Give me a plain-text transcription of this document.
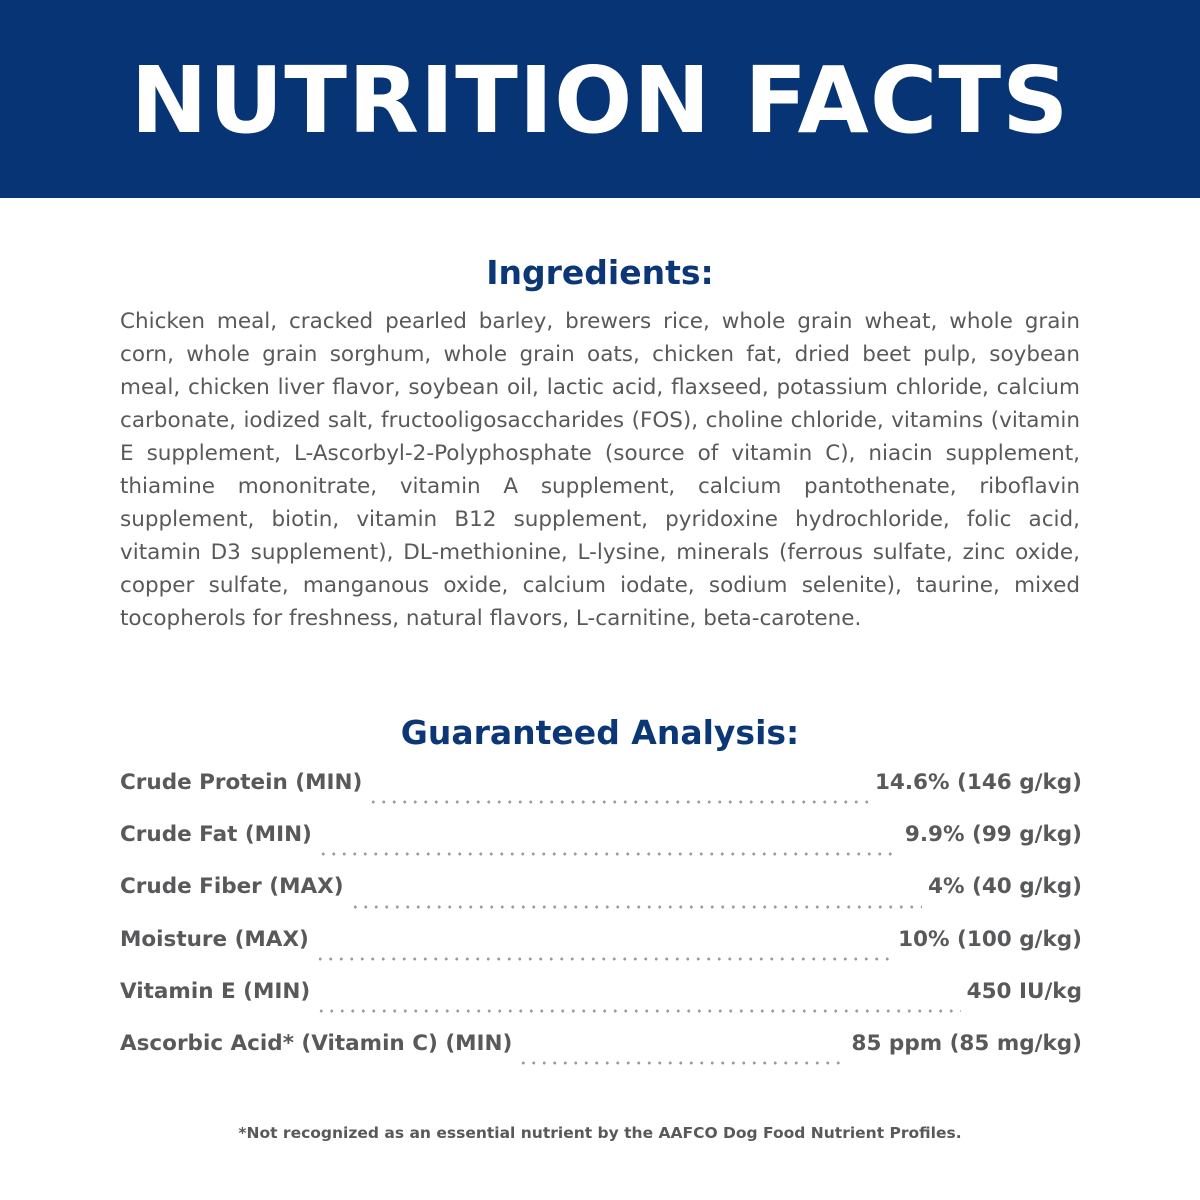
NUTRITION FACTS
Ingredients:

Chicken meal, cracked pearled barley, brewers rice, whole grain wheat, whole grain corn, whole grain sorghum, whole grain oats, chicken fat, dried beet pulp, soybean meal, chicken liver flavor, soybean oil, lactic acid, flaxseed, potassium chloride, calcium carbonate, iodized salt, fructooligosaccharides (FOS), choline chloride, vitamins (vitamin E supplement, L-Ascorbyl-2-Polyphosphate (source of vitamin C), niacin supplement, thiamine mononitrate, vitamin A supplement, calcium pantothenate, riboflavin supplement, biotin, vitamin B12 supplement, pyridoxine hydrochloride, folic acid, vitamin D3 supplement), DL-methionine, L-lysine, minerals (ferrous sulfate, zinc oxide, copper sulfate, manganous oxide, calcium iodate, sodium selenite), taurine, mixed tocopherols for freshness, natural flavors, L-carnitine, beta-carotene.

Guaranteed Analysis:
Crude Protein (MIN)	14.6% (146 g/kg)
Crude Fat (MIN)	9.9% (99 g/kg)
Crude Fiber (MAX)	4% (40 g/kg)
Moisture (MAX)	10% (100 g/kg)
Vitamin E (MIN)	450 IU/kg
Ascorbic Acid* (Vitamin C) (MIN)	85 ppm (85 mg/kg)

*Not recognized as an essential nutrient by the AAFCO Dog Food Nutrient Profiles.
